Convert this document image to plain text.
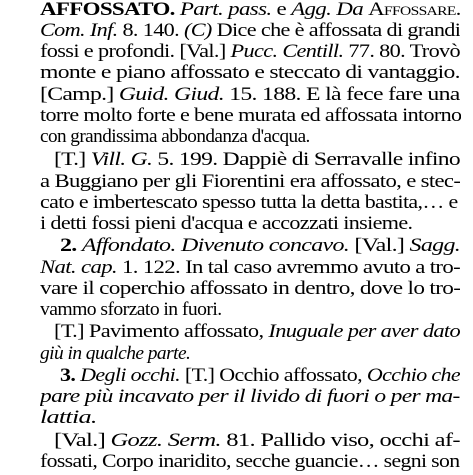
AFFOSSATO. Part. pass. e Agg. Da Affossare.
Com. Inf. 8. 140. (C) Dice che è affossata di grandi
fossi e profondi. [Val.] Pucc. Centill. 77. 80. Trovò
monte e piano affossato e steccato di vantaggio.
[Camp.] Guid. Giud. 15. 188. E là fece fare una
torre molto forte e bene murata ed affossata intorno
con grandissima abbondanza d'acqua.
[T.] Vill. G. 5. 199. Dappiè di Serravalle infino
a Buggiano per gli Fiorentini era affossato, e stec-
cato e imbertescato spesso tutta la detta bastita,… e
i detti fossi pieni d'acqua e accozzati insieme.
2. Affondato. Divenuto concavo. [Val.] Sagg.
Nat. cap. 1. 122. In tal caso avremmo avuto a tro-
vare il coperchio affossato in dentro, dove lo tro-
vammo sforzato in fuori.
[T.] Pavimento affossato, Inuguale per aver dato
giù in qualche parte.
3. Degli occhi. [T.] Occhio affossato, Occhio che
pare più incavato per il livido di fuori o per ma-
lattia.
[Val.] Gozz. Serm. 81. Pallido viso, occhi af-
fossati, Corpo inaridito, secche guancie… segni son
